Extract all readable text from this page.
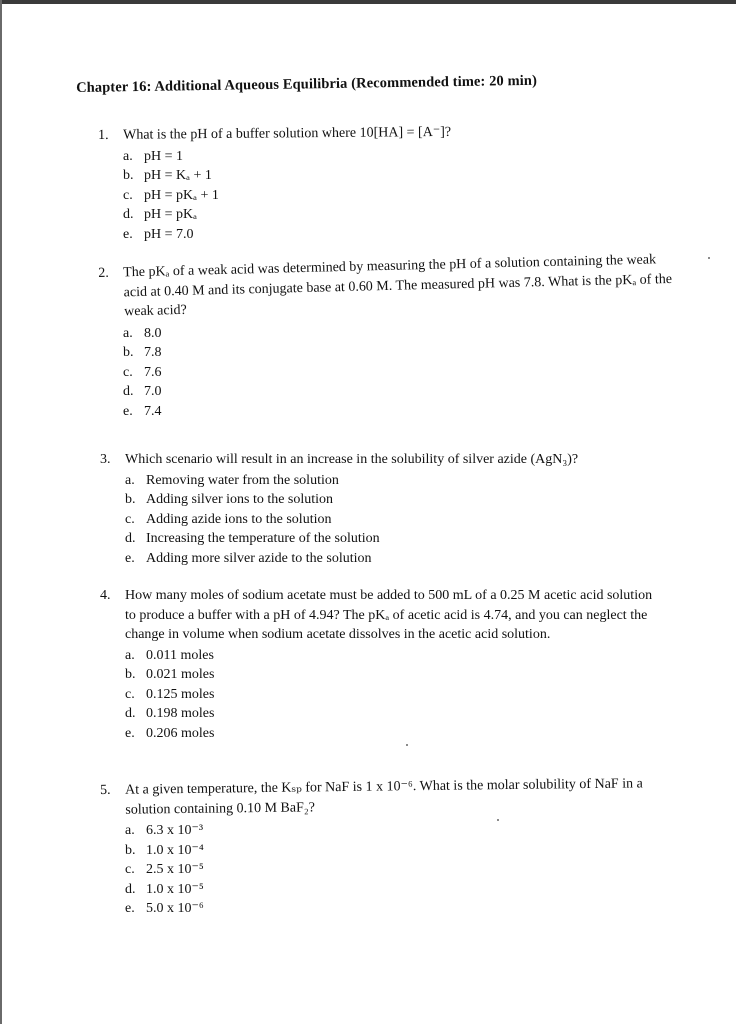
Chapter 16: Additional Aqueous Equilibria (Recommended time: 20 min)
1. What is the pH of a buffer solution where 10[HA] = [A⁻]?
a. pH = 1
b. pH = Kₐ + 1
c. pH = pKₐ + 1
d. pH = pKₐ
e. pH = 7.0
2. The pKₐ of a weak acid was determined by measuring the pH of a solution containing the weak acid at 0.40 M and its conjugate base at 0.60 M. The measured pH was 7.8. What is the pKₐ of the weak acid?
a. 8.0
b. 7.8
c. 7.6
d. 7.0
e. 7.4
3. Which scenario will result in an increase in the solubility of silver azide (AgN₃)?
a. Removing water from the solution
b. Adding silver ions to the solution
c. Adding azide ions to the solution
d. Increasing the temperature of the solution
e. Adding more silver azide to the solution
4. How many moles of sodium acetate must be added to 500 mL of a 0.25 M acetic acid solution to produce a buffer with a pH of 4.94? The pKₐ of acetic acid is 4.74, and you can neglect the change in volume when sodium acetate dissolves in the acetic acid solution.
a. 0.011 moles
b. 0.021 moles
c. 0.125 moles
d. 0.198 moles
e. 0.206 moles
5. At a given temperature, the Kₛₚ for NaF is 1 x 10⁻⁶. What is the molar solubility of NaF in a solution containing 0.10 M BaF₂?
a. 6.3 x 10⁻³
b. 1.0 x 10⁻⁴
c. 2.5 x 10⁻⁵
d. 1.0 x 10⁻⁵
e. 5.0 x 10⁻⁶
